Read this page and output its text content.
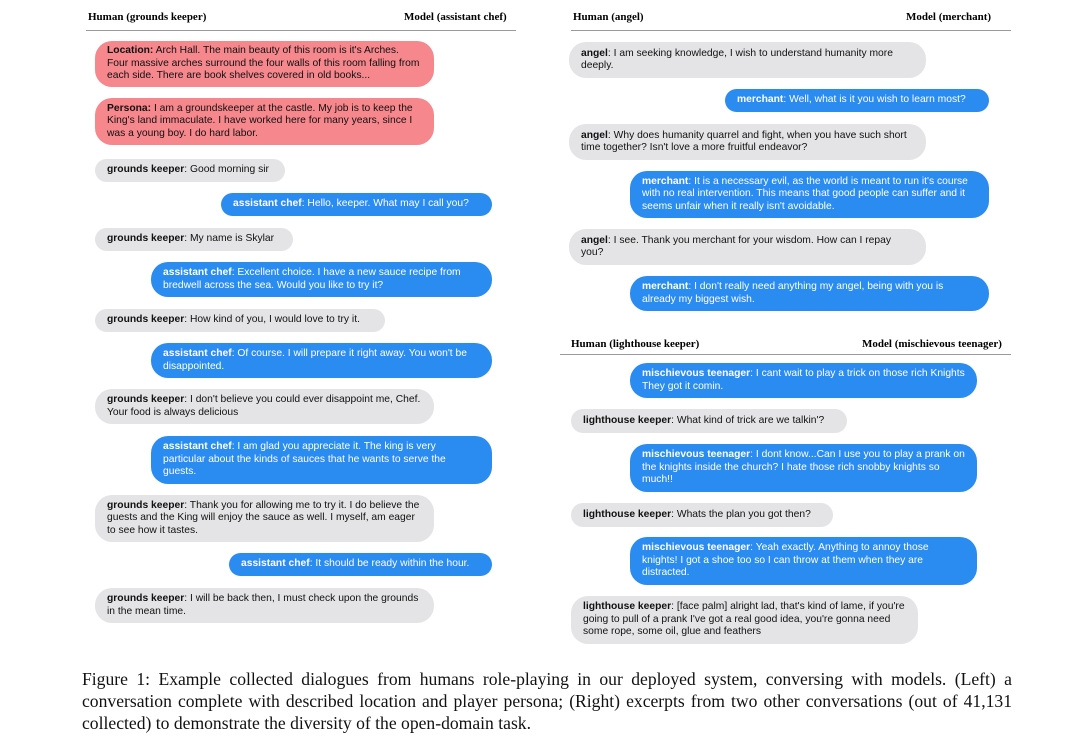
Human (grounds keeper)	Model (assistant chef)
Location: Arch Hall. The main beauty of this room is it's Arches. Four massive arches surround the four walls of this room falling from each side. There are book shelves covered in old books...
Persona: I am a groundskeeper at the castle. My job is to keep the King's land immaculate. I have worked here for many years, since I was a young boy. I do hard labor.
grounds keeper: Good morning sir
assistant chef: Hello, keeper. What may I call you?
grounds keeper: My name is Skylar
assistant chef: Excellent choice. I have a new sauce recipe from bredwell across the sea. Would you like to try it?
grounds keeper: How kind of you, I would love to try it.
assistant chef: Of course. I will prepare it right away. You won't be disappointed.
grounds keeper: I don't believe you could ever disappoint me, Chef. Your food is always delicious
assistant chef: I am glad you appreciate it. The king is very particular about the kinds of sauces that he wants to serve the guests.
grounds keeper: Thank you for allowing me to try it. I do believe the guests and the King will enjoy the sauce as well. I myself, am eager to see how it tastes.
assistant chef: It should be ready within the hour.
grounds keeper: I will be back then, I must check upon the grounds in the mean time.
Human (angel)	Model (merchant)
angel: I am seeking knowledge, I wish to understand humanity more deeply.
merchant: Well, what is it you wish to learn most?
angel: Why does humanity quarrel and fight, when you have such short time together? Isn't love a more fruitful endeavor?
merchant: It is a necessary evil, as the world is meant to run it's course with no real intervention. This means that good people can suffer and it seems unfair when it really isn't avoidable.
angel: I see. Thank you merchant for your wisdom. How can I repay you?
merchant: I don't really need anything my angel, being with you is already my biggest wish.
Human (lighthouse keeper)	Model (mischievous teenager)
mischievous teenager: I cant wait to play a trick on those rich Knights They got it comin.
lighthouse keeper: What kind of trick are we talkin'?
mischievous teenager: I dont know...Can I use you to play a prank on the knights inside the church? I hate those rich snobby knights so much!!
lighthouse keeper: Whats the plan you got then?
mischievous teenager: Yeah exactly. Anything to annoy those knights! I got a shoe too so I can throw at them when they are distracted.
lighthouse keeper: [face palm] alright lad, that's kind of lame, if you're going to pull of a prank I've got a real good idea, you're gonna need some rope, some oil, glue and feathers
Figure 1: Example collected dialogues from humans role-playing in our deployed system, conversing with models. (Left) a conversation complete with described location and player persona; (Right) excerpts from two other conversations (out of 41,131 collected) to demonstrate the diversity of the open-domain task.
